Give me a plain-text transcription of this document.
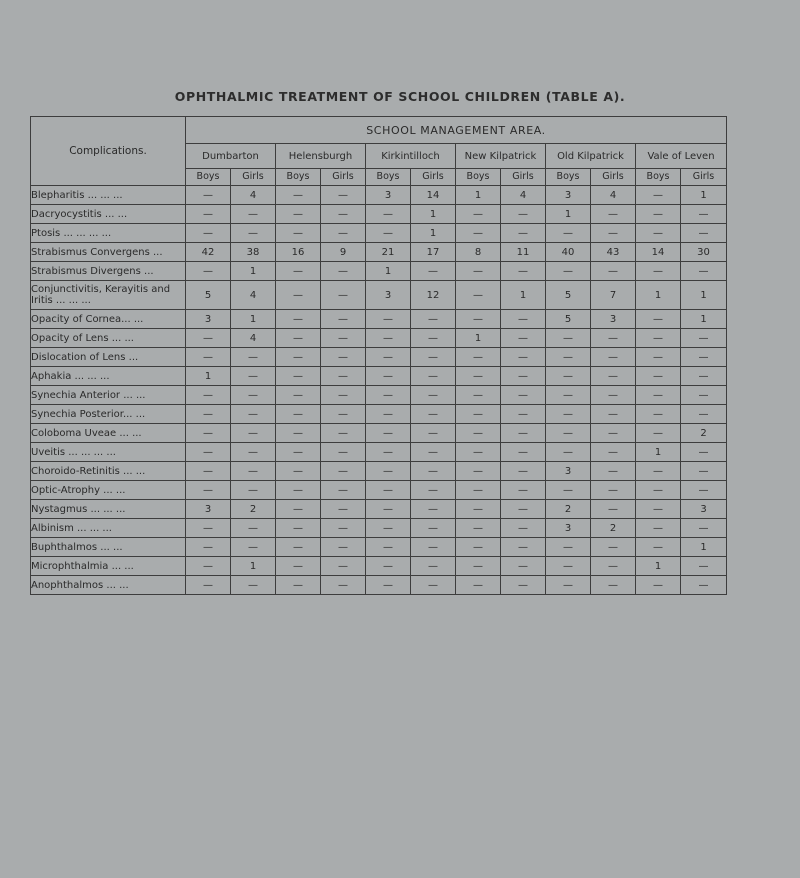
OPHTHALMIC TREATMENT OF SCHOOL CHILDREN (TABLE A).
Complications.	SCHOOL MANAGEMENT AREA.											
	Dumbarton		Helensburgh		Kirkintilloch		New Kilpatrick		Old Kilpatrick		Vale of Leven	
	Boys	Girls	Boys	Girls	Boys	Girls	Boys	Girls	Boys	Girls	Boys	Girls
Blepharitis ... ... ...	—	4	—	—	3	14	1	4	3	4	—	1
Dacryocystitis ... ...	—	—	—	—	—	1	—	—	1	—	—	—
Ptosis ... ... ... ...	—	—	—	—	—	1	—	—	—	—	—	—
Strabismus Convergens ...	42	38	16	9	21	17	8	11	40	43	14	30
Strabismus Divergens ...	—	1	—	—	1	—	—	—	—	—	—	—
Conjunctivitis, Kerayitis and Iritis ... ... ...	5	4	—	—	3	12	—	1	5	7	1	1
Opacity of Cornea... ...	3	1	—	—	—	—	—	—	5	3	—	1
Opacity of Lens ... ...	—	4	—	—	—	—	1	—	—	—	—	—
Dislocation of Lens ...	—	—	—	—	—	—	—	—	—	—	—	—
Aphakia ... ... ...	1	—	—	—	—	—	—	—	—	—	—	—
Synechia Anterior ... ...	—	—	—	—	—	—	—	—	—	—	—	—
Synechia Posterior... ...	—	—	—	—	—	—	—	—	—	—	—	—
Coloboma Uveae ... ...	—	—	—	—	—	—	—	—	—	—	—	2
Uveitis ... ... ... ...	—	—	—	—	—	—	—	—	—	—	1	—
Choroido-Retinitis ... ...	—	—	—	—	—	—	—	—	3	—	—	—
Optic-Atrophy ... ...	—	—	—	—	—	—	—	—	—	—	—	—
Nystagmus ... ... ...	3	2	—	—	—	—	—	—	2	—	—	3
Albinism ... ... ...	—	—	—	—	—	—	—	—	3	2	—	—
Buphthalmos ... ...	—	—	—	—	—	—	—	—	—	—	—	1
Microphthalmia ... ...	—	1	—	—	—	—	—	—	—	—	1	—
Anophthalmos ... ...	—	—	—	—	—	—	—	—	—	—	—	—
